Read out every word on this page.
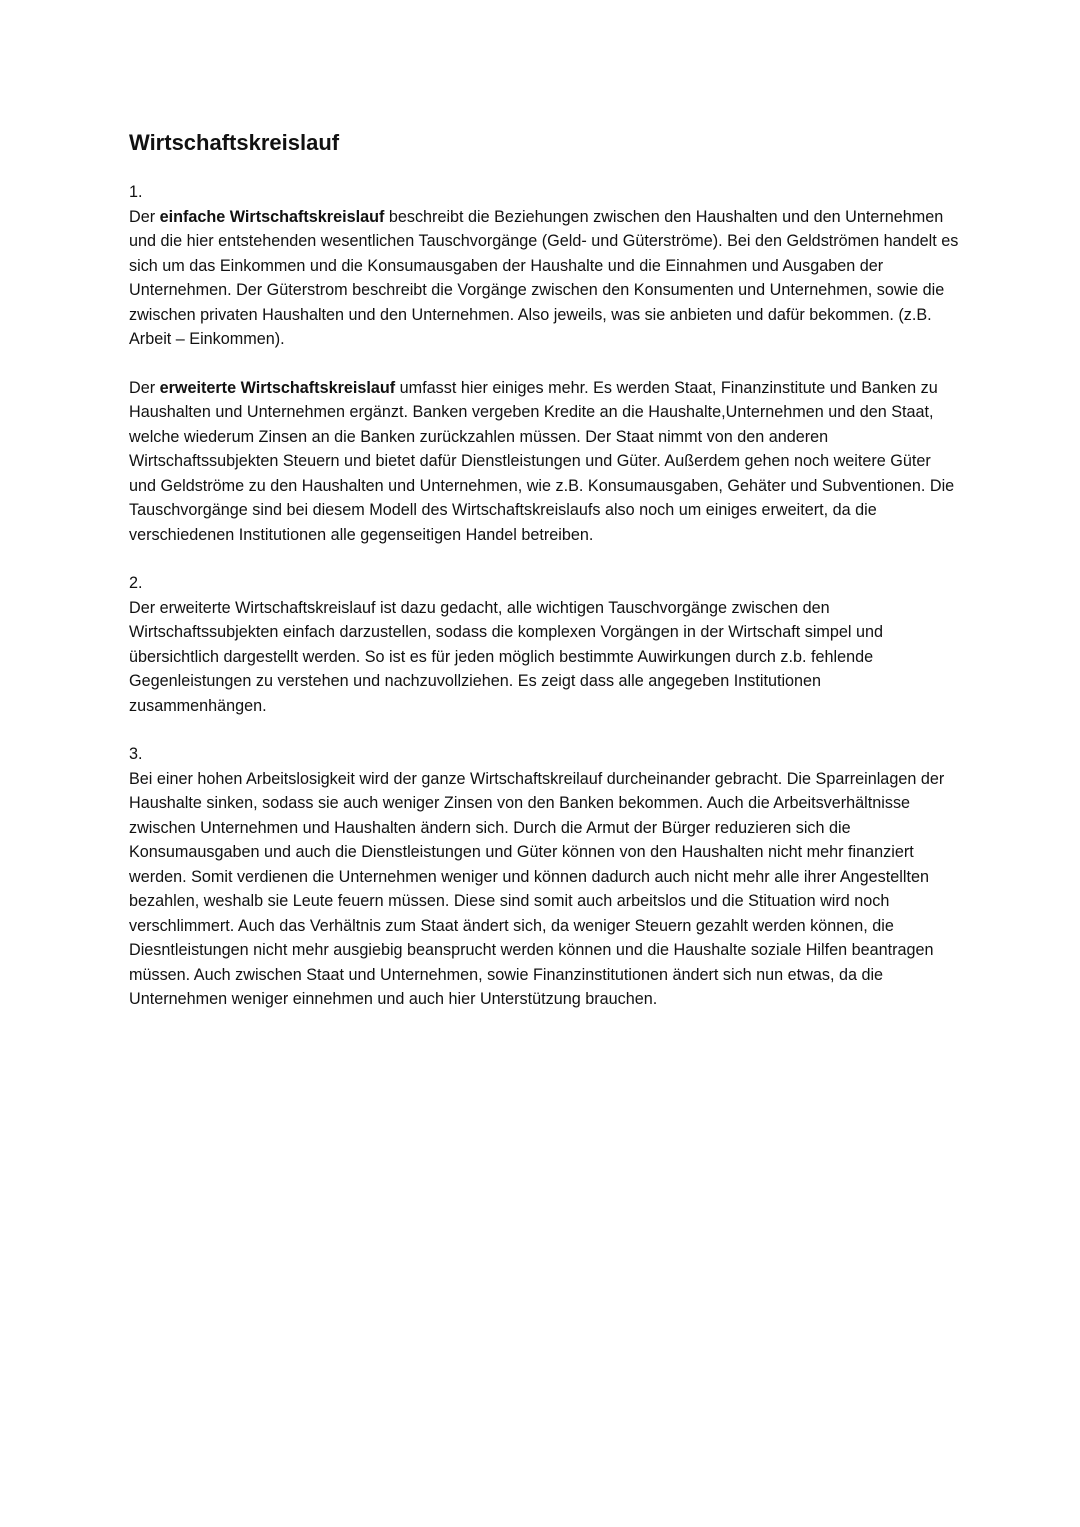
Wirtschaftskreislauf
1.

Der einfache Wirtschaftskreislauf beschreibt die Beziehungen zwischen den Haushalten und den Unternehmen und die hier entstehenden wesentlichen Tauschvorgänge (Geld- und Güterströme). Bei den Geldströmen handelt es sich um das Einkommen und die Konsumausgaben der Haushalte und die Einnahmen und Ausgaben der Unternehmen. Der Güterstrom beschreibt die Vorgänge zwischen den Konsumenten und Unternehmen, sowie die zwischen privaten Haushalten und den Unternehmen. Also jeweils, was sie anbieten und dafür bekommen. (z.B. Arbeit – Einkommen).

Der erweiterte Wirtschaftskreislauf umfasst hier einiges mehr. Es werden Staat, Finanzinstitute und Banken zu Haushalten und Unternehmen ergänzt. Banken vergeben Kredite an die Haushalte,Unternehmen und den Staat, welche wiederum Zinsen an die Banken zurückzahlen müssen. Der Staat nimmt von den anderen Wirtschaftssubjekten Steuern und bietet dafür Dienstleistungen und Güter. Außerdem gehen noch weitere Güter und Geldströme zu den Haushalten und Unternehmen, wie z.B. Konsumausgaben, Gehäter und Subventionen. Die Tauschvorgänge sind bei diesem Modell des Wirtschaftskreislaufs also noch um einiges erweitert, da die verschiedenen Institutionen alle gegenseitigen Handel betreiben.

2.

Der erweiterte Wirtschaftskreislauf ist dazu gedacht, alle wichtigen Tauschvorgänge zwischen den Wirtschaftssubjekten einfach darzustellen, sodass die komplexen Vorgängen in der Wirtschaft simpel und übersichtlich dargestellt werden. So ist es für jeden möglich bestimmte Auwirkungen durch z.b. fehlende Gegenleistungen zu verstehen und nachzuvollziehen. Es zeigt dass alle angegeben Institutionen zusammenhängen.

3.

Bei einer hohen Arbeitslosigkeit wird der ganze Wirtschaftskreilauf durcheinander gebracht. Die Sparreinlagen der Haushalte sinken, sodass sie auch weniger Zinsen von den Banken bekommen. Auch die Arbeitsverhältnisse zwischen Unternehmen und Haushalten ändern sich. Durch die Armut der Bürger reduzieren sich die Konsumausgaben und auch die Dienstleistungen und Güter können von den Haushalten nicht mehr finanziert werden. Somit verdienen die Unternehmen weniger und können dadurch auch nicht mehr alle ihrer Angestellten bezahlen, weshalb sie Leute feuern müssen. Diese sind somit auch arbeitslos und die Stituation wird noch verschlimmert. Auch das Verhältnis zum Staat ändert sich, da weniger Steuern gezahlt werden können, die Diesntleistungen nicht mehr ausgiebig beansprucht werden können und die Haushalte soziale Hilfen beantragen müssen. Auch zwischen Staat und Unternehmen, sowie Finanzinstitutionen ändert sich nun etwas, da die Unternehmen weniger einnehmen und auch hier Unterstützung brauchen.
